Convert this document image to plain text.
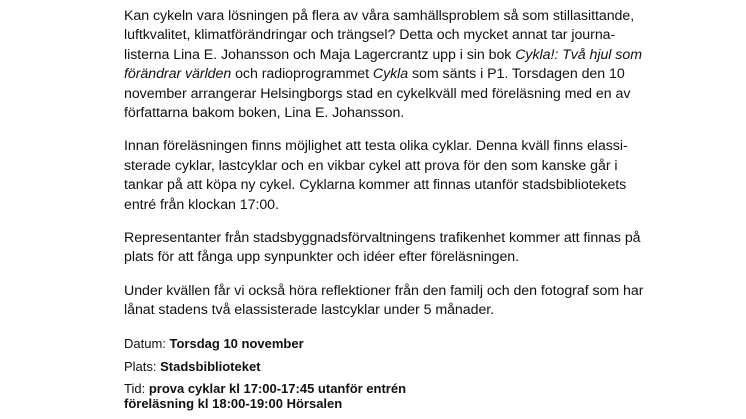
Kan cykeln vara lösningen på flera av våra samhällsproblem så som stillasittande, luftkvalitet, klimatförändringar och trängsel? Detta och mycket annat tar journa-listerna Lina E. Johansson och Maja Lagercrantz upp i sin bok Cykla!: Två hjul som förändrar världen och radioprogrammet Cykla som sänts i P1. Torsdagen den 10 november arrangerar Helsingborgs stad en cykelkväll med föreläsning med en av författarna bakom boken, Lina E. Johansson.

Innan föreläsningen finns möjlighet att testa olika cyklar. Denna kväll finns elassi-sterade cyklar, lastcyklar och en vikbar cykel att prova för den som kanske går i tankar på att köpa ny cykel. Cyklarna kommer att finnas utanför stadsbibliotekets entré från klockan 17:00.

Representanter från stadsbyggnadsförvaltningens trafikenhet kommer att finnas på plats för att fånga upp synpunkter och idéer efter föreläsningen.

Under kvällen får vi också höra reflektioner från den familj och den fotograf som har lånat stadens två elassisterade lastcyklar under 5 månader.

Datum: Torsdag 10 november
Plats: Stadsbiblioteket
Tid: prova cyklar kl 17:00-17:45 utanför entrén
föreläsning kl 18:00-19:00 Hörsalen
